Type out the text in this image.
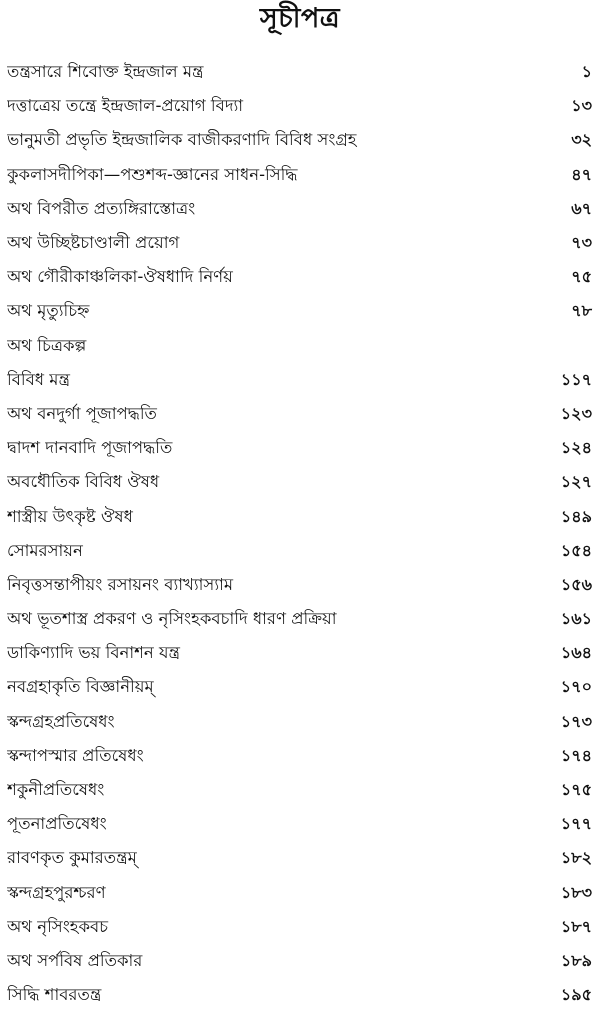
সূচীপত্র
তন্ত্রসারে শিবোক্ত ইন্দ্রজাল মন্ত্র	১
দত্তাত্রেয় তন্ত্রে ইন্দ্রজাল-প্রয়োগ বিদ্যা	১৩
ভানুমতী প্রভৃতি ইন্দ্রজালিক বাজীকরণাদি বিবিধ সংগ্রহ	৩২
কুকলাসদীপিকা—পশুশব্দ-জ্ঞানের সাধন-সিদ্ধি	৪৭
অথ বিপরীত প্রত্যঙ্গিরাস্তোত্রং	৬৭
অথ উচ্ছিষ্টচাণ্ডালী প্রয়োগ	৭৩
অথ গৌরীকাঞ্চলিকা-ঔষধাদি নির্ণয়	৭৫
অথ মৃত্যুচিহ্ন	৭৮
অথ চিত্রকল্প
বিবিধ মন্ত্র	১১৭
অথ বনদুর্গা পূজাপদ্ধতি	১২৩
দ্বাদশ দানবাদি পূজাপদ্ধতি	১২৪
অবধৌতিক বিবিধ ঔষধ	১২৭
শাস্ত্রীয় উৎকৃষ্ট ঔষধ	১৪৯
সোমরসায়ন	১৫৪
নিবৃত্তসন্তাপীয়ং রসায়নং ব্যাখ্যাস্যাম	১৫৬
অথ ভূতশাস্ত্র প্রকরণ ও নৃসিংহকবচাদি ধারণ প্রক্রিয়া	১৬১
ডাকিণ্যাদি ভয় বিনাশন যন্ত্র	১৬৪
নবগ্রহাকৃতি বিজ্ঞানীয়ম্	১৭০
স্কন্দগ্রহপ্রতিষেধং	১৭৩
স্কন্দাপস্মার প্রতিষেধং	১৭৪
শকুনীপ্রতিষেধং	১৭৫
পূতনাপ্রতিষেধং	১৭৭
রাবণকৃত কুমারতন্ত্রম্	১৮২
স্কন্দগ্রহপুরশ্চরণ	১৮৩
অথ নৃসিংহকবচ	১৮৭
অথ সর্পবিষ প্রতিকার	১৮৯
সিদ্ধি শাবরতন্ত্র	১৯৫
